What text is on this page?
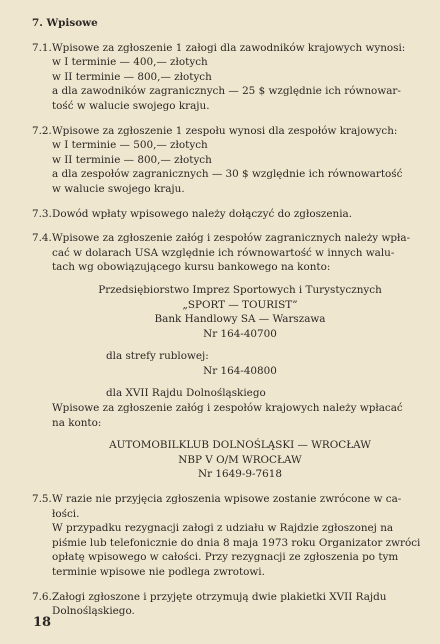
7. Wpisowe
7.1. Wpisowe za zgłoszenie 1 załogi dla zawodników krajowych wynosi:
w I terminie — 400,— złotych
w II terminie — 800,— złotych
a dla zawodników zagranicznych — 25 $ względnie ich równowar-
tość w walucie swojego kraju.
7.2. Wpisowe za zgłoszenie 1 zespołu wynosi dla zespołów krajowych:
w I terminie — 500,— złotych
w II terminie — 800,— złotych
a dla zespołów zagranicznych — 30 $ względnie ich równowartość
w walucie swojego kraju.
7.3. Dowód wpłaty wpisowego należy dołączyć do zgłoszenia.
7.4. Wpisowe za zgłoszenie załóg i zespołów zagranicznych należy wpła-
cać w dolarach USA względnie ich równowartość w innych walu-
tach wg obowiązującego kursu bankowego na konto:
Przedsiębiorstwo Imprez Sportowych i Turystycznych
„SPORT — TOURIST”
Bank Handlowy SA — Warszawa
Nr 164-40700
dla strefy rublowej:
Nr 164-40800
dla XVII Rajdu Dolnośląskiego
Wpisowe za zgłoszenie załóg i zespołów krajowych należy wpłacać
na konto:
AUTOMOBILKLUB DOLNOŚLĄSKI — WROCŁAW
NBP V O/M WROCŁAW
Nr 1649-9-7618
7.5. W razie nie przyjęcia zgłoszenia wpisowe zostanie zwrócone w ca-
łości.
W przypadku rezygnacji załogi z udziału w Rajdzie zgłoszonej na
piśmie lub telefonicznie do dnia 8 maja 1973 roku Organizator zwróci
opłatę wpisowego w całości. Przy rezygnacji ze zgłoszenia po tym
terminie wpisowe nie podlega zwrotowi.
7.6. Załogi zgłoszone i przyjęte otrzymują dwie plakietki XVII Rajdu
Dolnośląskiego.
18
